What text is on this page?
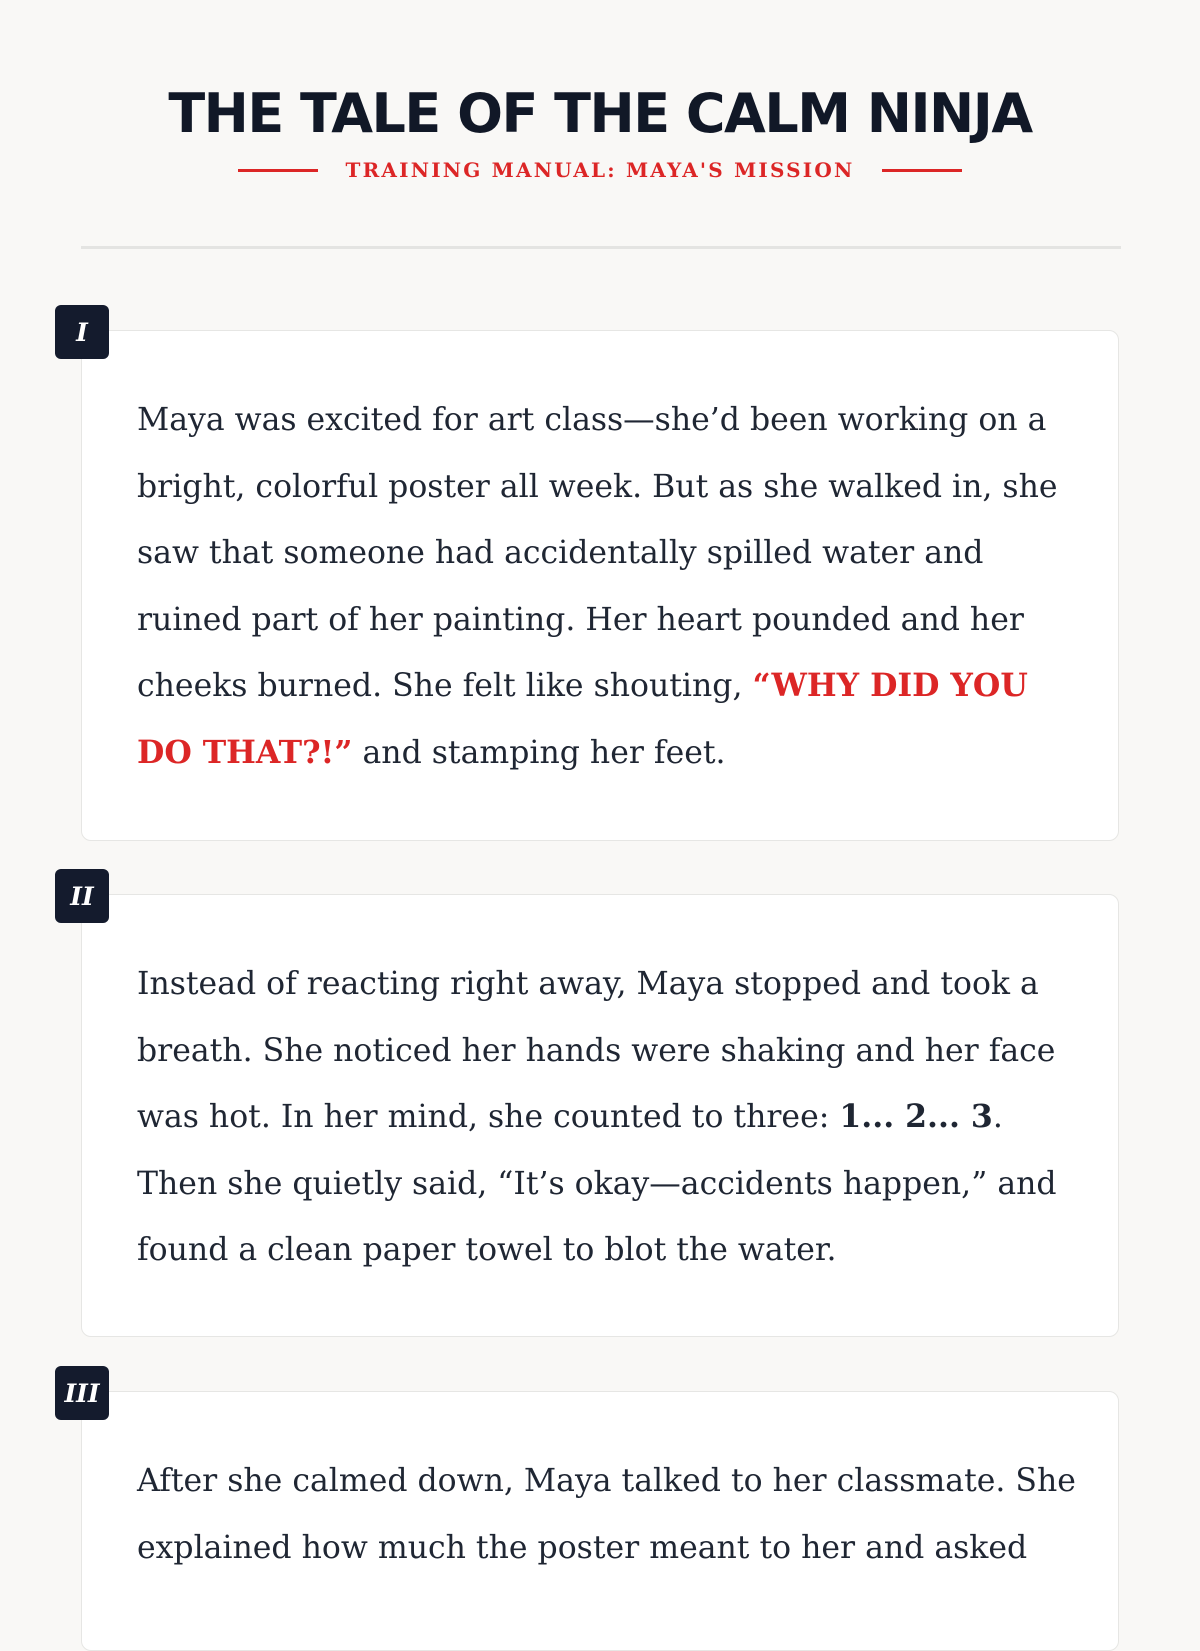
THE TALE OF THE CALM NINJA
TRAINING MANUAL: MAYA'S MISSION
I

Maya was excited for art class—she’d been working on a bright, colorful poster all week. But as she walked in, she saw that someone had accidentally spilled water and ruined part of her painting. Her heart pounded and her cheeks burned. She felt like shouting, “WHY DID YOU DO THAT?!” and stamping her feet.

II

Instead of reacting right away, Maya stopped and took a breath. She noticed her hands were shaking and her face was hot. In her mind, she counted to three: 1... 2... 3. Then she quietly said, “It’s okay—accidents happen,” and found a clean paper towel to blot the water.

III

After she calmed down, Maya talked to her classmate. She explained how much the poster meant to her and asked
